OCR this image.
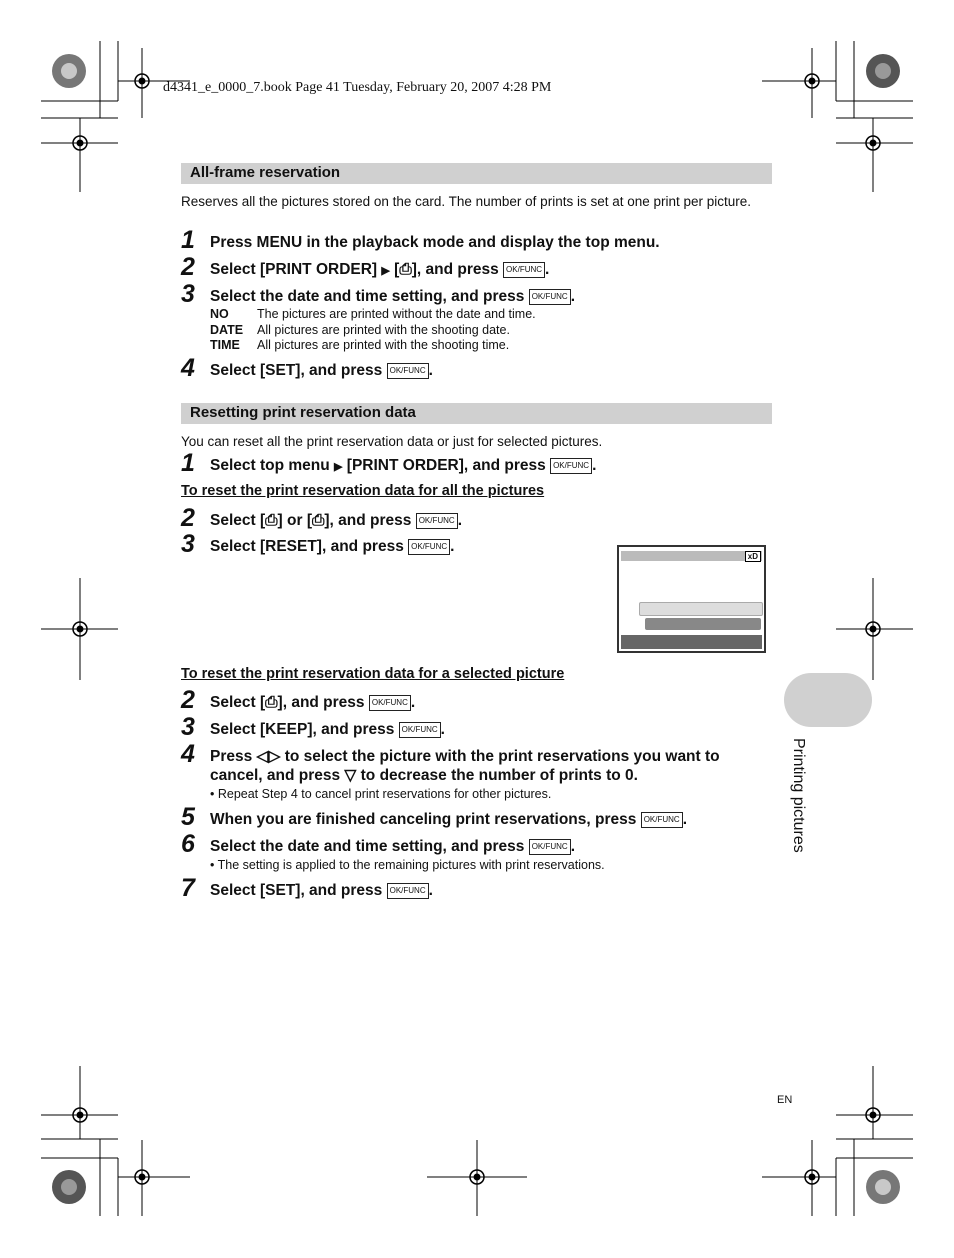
d4341_e_0000_7.book Page 41 Tuesday, February 20, 2007 4:28 PM
All-frame reservation
Reserves all the pictures stored on the card. The number of prints is set at one print per picture.
1 Press MENU in the playback mode and display the top menu.
2 Select [PRINT ORDER] ▶ [⎙], and press OK/FUNC .
3 Select the date and time setting, and press OK/FUNC .
NO The pictures are printed without the date and time.
DATE All pictures are printed with the shooting date.
TIME All pictures are printed with the shooting time.
4 Select [SET], and press OK/FUNC .
Resetting print reservation data
You can reset all the print reservation data or just for selected pictures.
1 Select top menu ▶ [PRINT ORDER], and press OK/FUNC .
To reset the print reservation data for all the pictures
2 Select [⎙] or [⎙], and press OK/FUNC .
3 Select [RESET], and press OK/FUNC .
xD
To reset the print reservation data for a selected picture
2 Select [⎙], and press OK/FUNC .
3 Select [KEEP], and press OK/FUNC .
4 Press ◁▷ to select the picture with the print reservations you want to cancel, and press ▽ to decrease the number of prints to 0.
• Repeat Step 4 to cancel print reservations for other pictures.
5 When you are finished canceling print reservations, press OK/FUNC .
6 Select the date and time setting, and press OK/FUNC .
• The setting is applied to the remaining pictures with print reservations.
7 Select [SET], and press OK/FUNC .
Printing pictures
EN
